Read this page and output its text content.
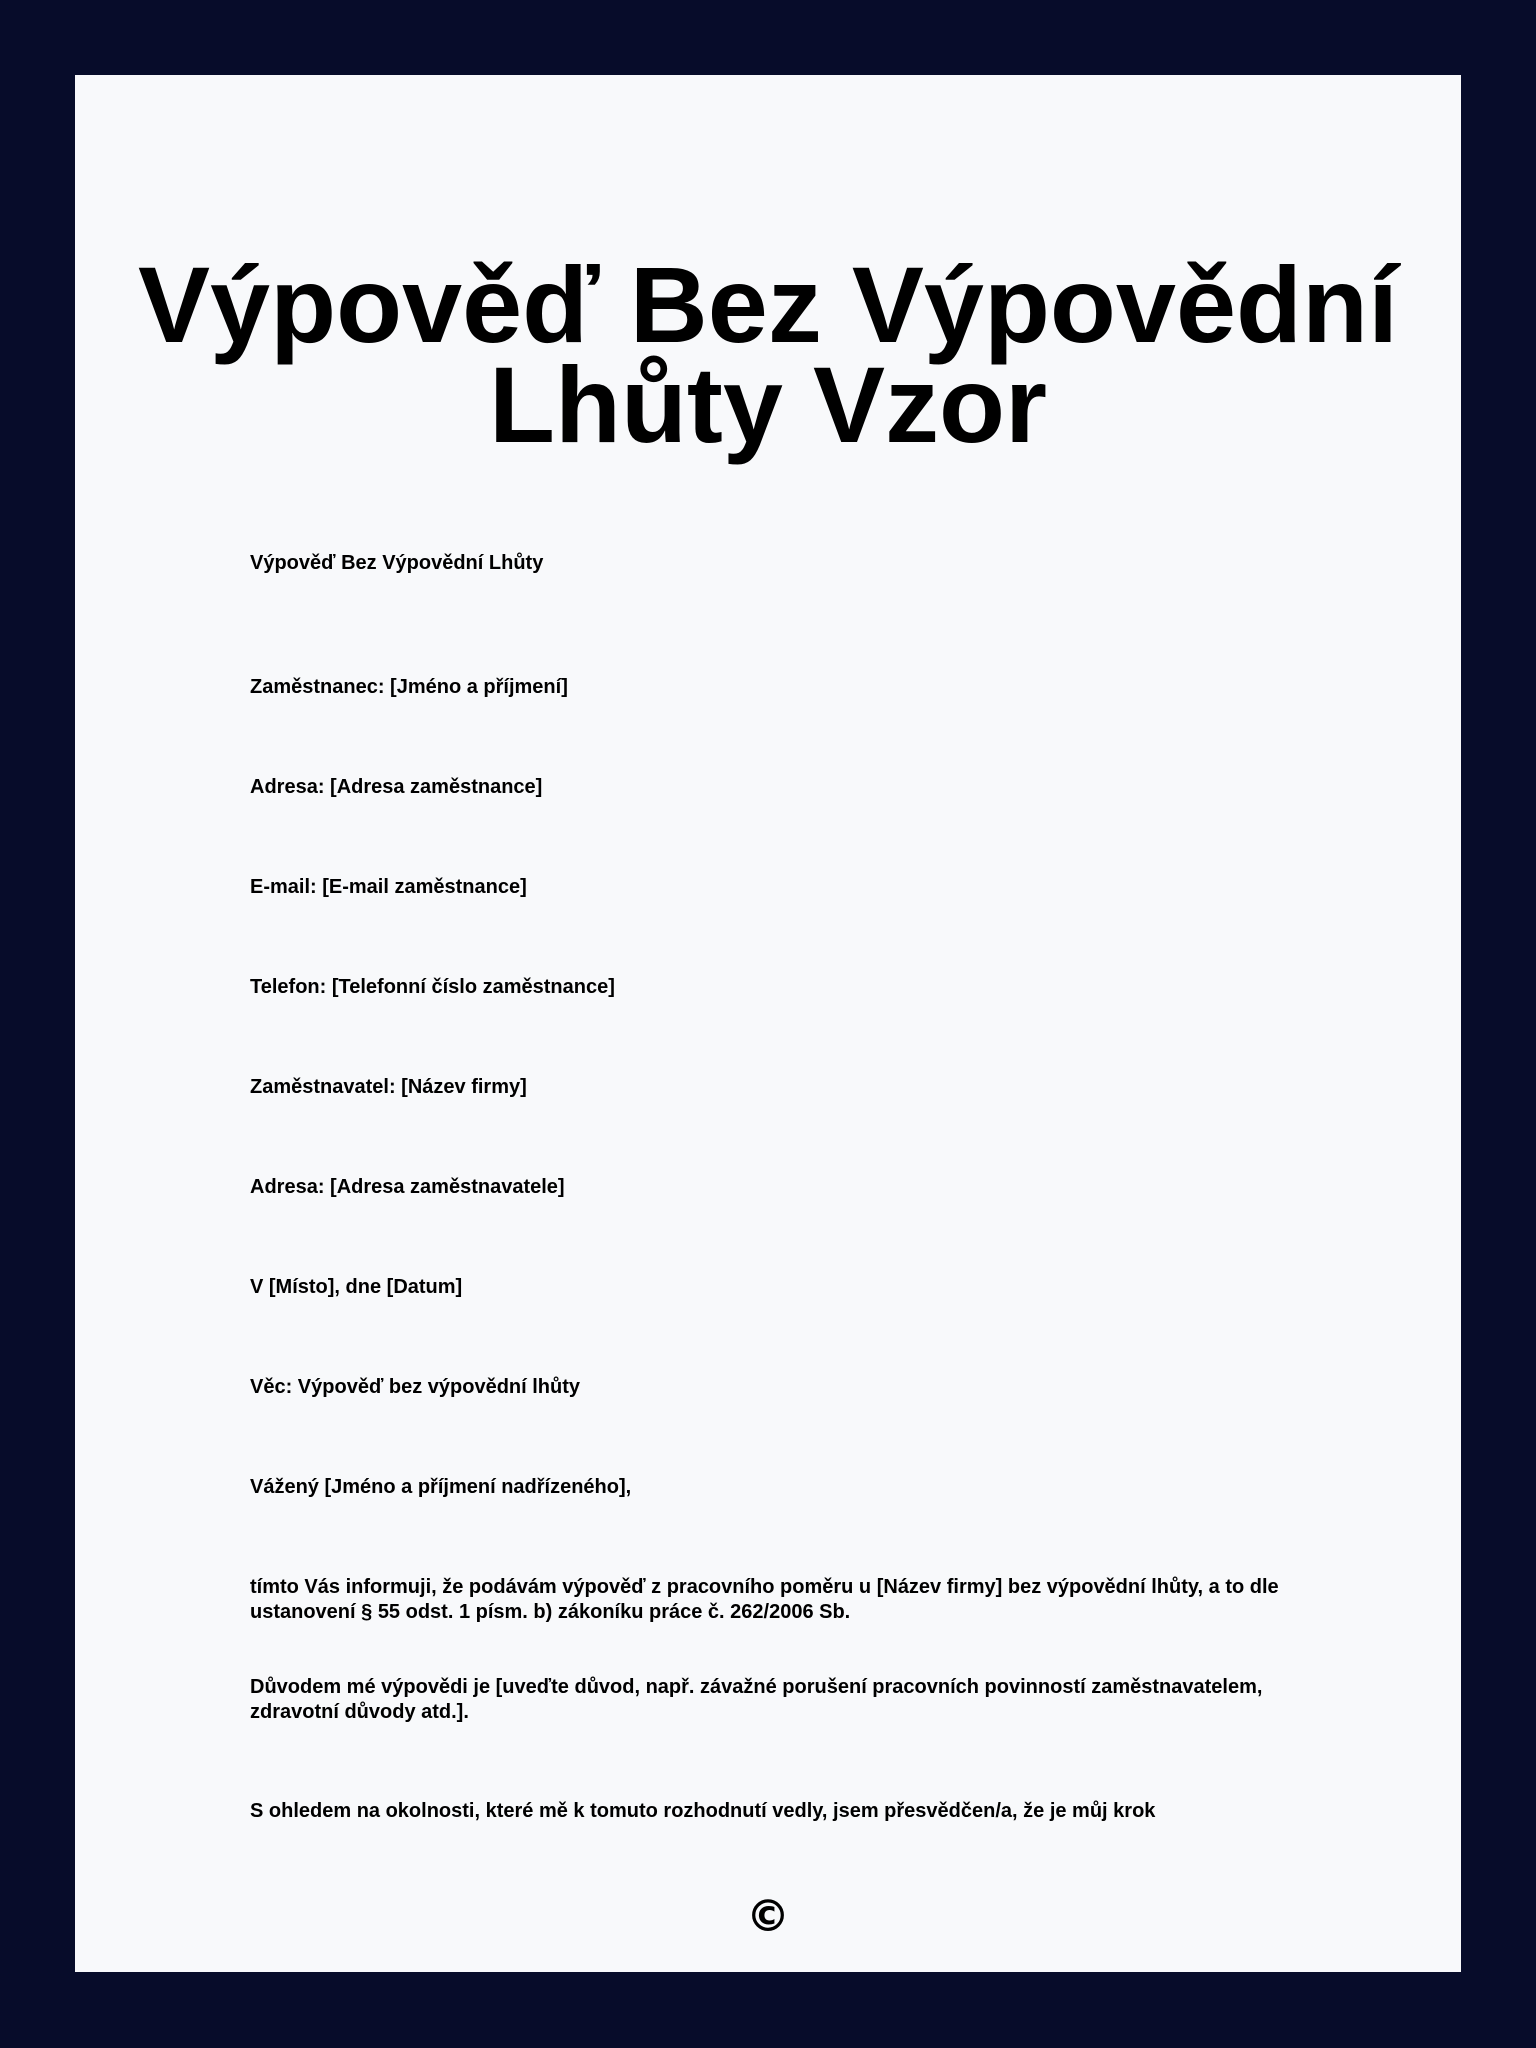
Výpověď Bez Výpovědní Lhůty Vzor

Výpověď Bez Výpovědní Lhůty

Zaměstnanec: [Jméno a příjmení]

Adresa: [Adresa zaměstnance]

E-mail: [E-mail zaměstnance]

Telefon: [Telefonní číslo zaměstnance]

Zaměstnavatel: [Název firmy]

Adresa: [Adresa zaměstnavatele]

V [Místo], dne [Datum]

Věc: Výpověď bez výpovědní lhůty

Vážený [Jméno a příjmení nadřízeného],

tímto Vás informuji, že podávám výpověď z pracovního poměru u [Název firmy] bez výpovědní lhůty, a to dle ustanovení § 55 odst. 1 písm. b) zákoníku práce č. 262/2006 Sb.

Důvodem mé výpovědi je [uveďte důvod, např. závažné porušení pracovních povinností zaměstnavatelem, zdravotní důvody atd.].

S ohledem na okolnosti, které mě k tomuto rozhodnutí vedly, jsem přesvědčen/a, že je můj krok

©
